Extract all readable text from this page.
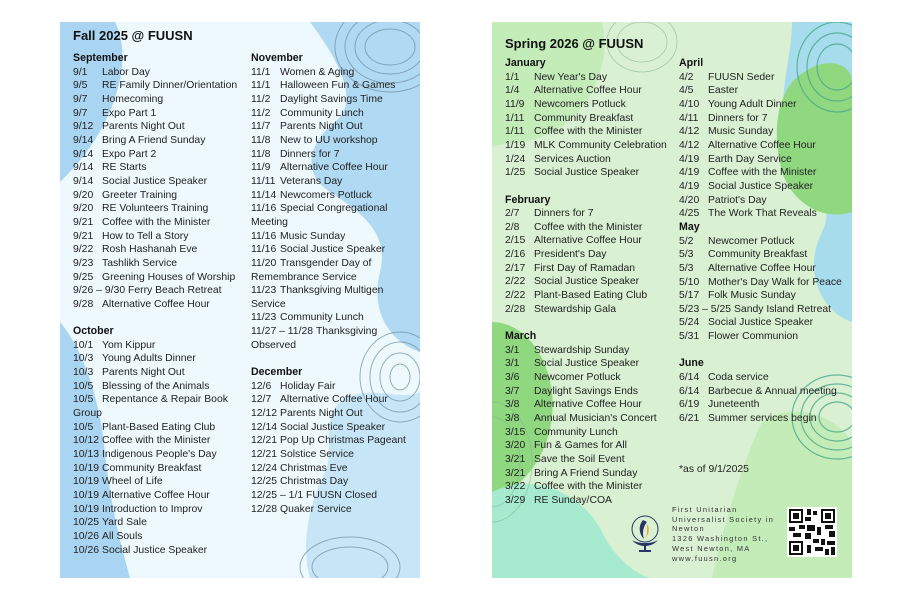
Fall 2025 @ FUUSN
September
9/1 Labor Day
9/5 RE Family Dinner/Orientation
9/7 Homecoming
9/7 Expo Part 1
9/12 Parents Night Out
9/14 Bring A Friend Sunday
9/14 Expo Part 2
9/14 RE Starts
9/14 Social Justice Speaker
9/20 Greeter Training
9/20 RE Volunteers Training
9/21 Coffee with the Minister
9/21 How to Tell a Story
9/22 Rosh Hashanah Eve
9/23 Tashlikh Service
9/25 Greening Houses of Worship
9/26 – 9/30 Ferry Beach Retreat
9/28 Alternative Coffee Hour
October
10/1 Yom Kippur
10/3 Young Adults Dinner
10/3 Parents Night Out
10/5 Blessing of the Animals
10/5 Repentance & Repair Book Group
10/5 Plant-Based Eating Club
10/12 Coffee with the Minister
10/13 Indigenous People's Day
10/19 Community Breakfast
10/19 Wheel of Life
10/19 Alternative Coffee Hour
10/19 Introduction to Improv
10/25 Yard Sale
10/26 All Souls
10/26 Social Justice Speaker
November
11/1 Women & Aging
11/1 Halloween Fun & Games
11/2 Daylight Savings Time
11/2 Community Lunch
11/7 Parents Night Out
11/8 New to UU workshop
11/8 Dinners for 7
11/9 Alternative Coffee Hour
11/11 Veterans Day
11/14 Newcomers Potluck
11/16 Special Congregational Meeting
11/16 Music Sunday
11/16 Social Justice Speaker
11/20 Transgender Day of Remembrance Service
11/23 Thanksgiving Multigen Service
11/23 Community Lunch
11/27 – 11/28 Thanksgiving Observed
December
12/6 Holiday Fair
12/7 Alternative Coffee Hour
12/12 Parents Night Out
12/14 Social Justice Speaker
12/21 Pop Up Christmas Pageant
12/21 Solstice Service
12/24 Christmas Eve
12/25 Christmas Day
12/25 – 1/1 FUUSN Closed
12/28 Quaker Service
Spring 2026 @ FUUSN
January
1/1 New Year's Day
1/4 Alternative Coffee Hour
11/9 Newcomers Potluck
1/11 Community Breakfast
1/11 Coffee with the Minister
1/19 MLK Community Celebration
1/24 Services Auction
1/25 Social Justice Speaker
February
2/7 Dinners for 7
2/8 Coffee with the Minister
2/15 Alternative Coffee Hour
2/16 President's Day
2/17 First Day of Ramadan
2/22 Social Justice Speaker
2/22 Plant-Based Eating Club
2/28 Stewardship Gala
March
3/1 Stewardship Sunday
3/1 Social Justice Speaker
3/6 Newcomer Potluck
3/7 Daylight Savings Ends
3/8 Alternative Coffee Hour
3/8 Annual Musician's Concert
3/15 Community Lunch
3/20 Fun & Games for All
3/21 Save the Soil Event
3/21 Bring A Friend Sunday
3/22 Coffee with the Minister
3/29 RE Sunday/COA
April
4/2 FUUSN Seder
4/5 Easter
4/10 Young Adult Dinner
4/11 Dinners for 7
4/12 Music Sunday
4/12 Alternative Coffee Hour
4/19 Earth Day Service
4/19 Coffee with the Minister
4/19 Social Justice Speaker
4/20 Patriot's Day
4/25 The Work That Reveals
May
5/2 Newcomer Potluck
5/3 Community Breakfast
5/3 Alternative Coffee Hour
5/10 Mother's Day Walk for Peace
5/17 Folk Music Sunday
5/23 – 5/25 Sandy Island Retreat
5/24 Social Justice Speaker
5/31 Flower Communion
June
6/14 Coda service
6/14 Barbecue & Annual meeting
6/19 Juneteenth
6/21 Summer services begin
*as of 9/1/2025
First Unitarian
Universalist Society in
Newton
1326 Washington St.,
West Newton, MA
www.fuusn.org
